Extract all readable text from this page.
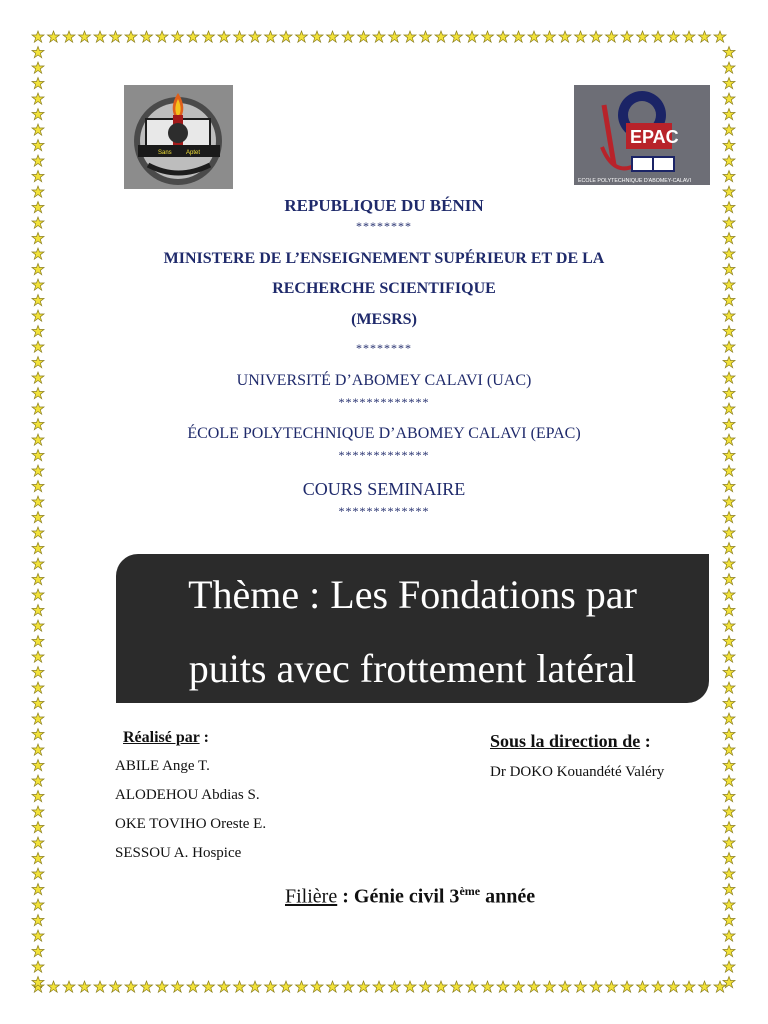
Sans Aptet
EPAC
ECOLE POLYTECHNIQUE D'ABOMEY-CALAVI
REPUBLIQUE DU BÉNIN
********
MINISTERE DE L’ENSEIGNEMENT SUPÉRIEUR ET DE LA
RECHERCHE SCIENTIFIQUE
(MESRS)
********
UNIVERSITÉ D’ABOMEY CALAVI (UAC)
*************
ÉCOLE POLYTECHNIQUE D’ABOMEY CALAVI (EPAC)
*************
COURS SEMINAIRE
*************
Thème : Les Fondations par
puits avec frottement latéral
Réalisé par :
ABILE Ange T.
ALODEHOU Abdias S.
OKE TOVIHO Oreste E.
SESSOU A. Hospice
Sous la direction de :
Dr DOKO Kouandété Valéry
Filière : Génie civil 3ème année
